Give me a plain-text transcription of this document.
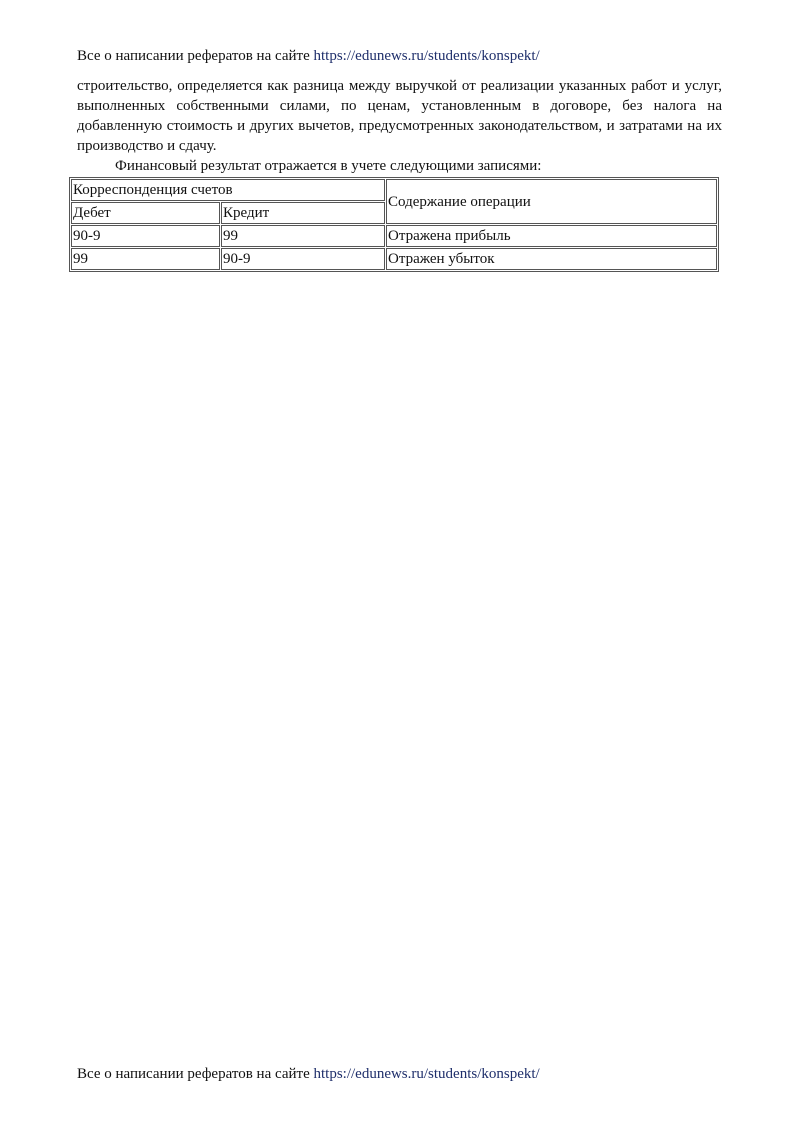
Все о написании рефератов на сайте https://edunews.ru/students/konspekt/

строительство, определяется как разница между выручкой от реализации указанных работ и услуг, выполненных собственными силами, по ценам, установленным в договоре, без налога на добавленную стоимость и других вычетов, предусмотренных законодательством, и затратами на их производство и сдачу.

Финансовый результат отражается в учете следующими записями:
Корреспонденция счетов		Содержание операции
Дебет	Кредит	
90-9	99	Отражена прибыль
99	90-9	Отражен убыток
Все о написании рефератов на сайте https://edunews.ru/students/konspekt/
